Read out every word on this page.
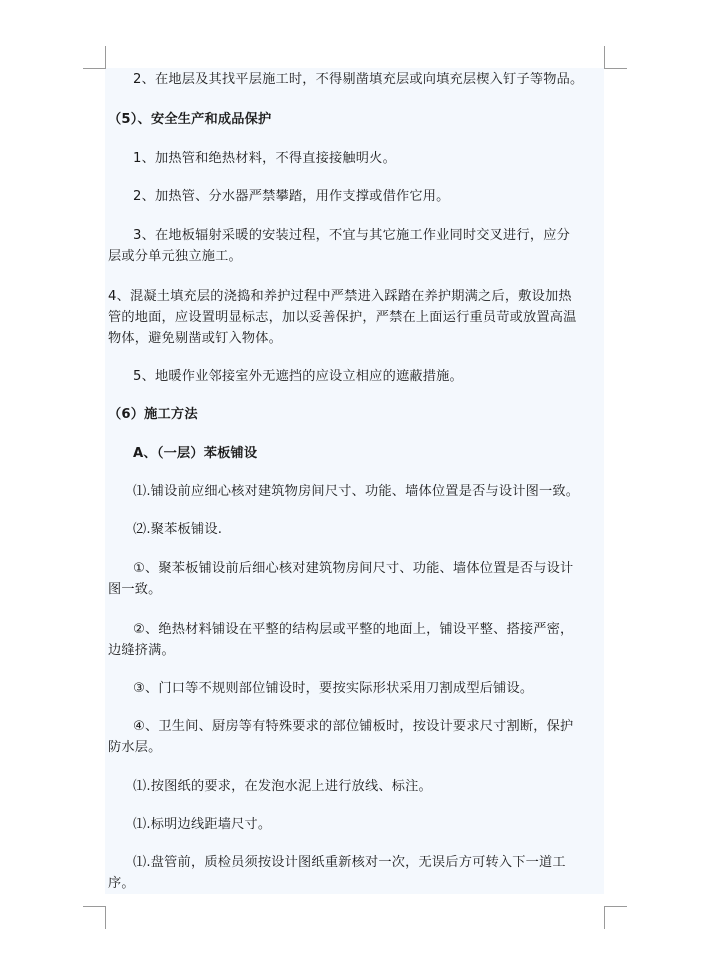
2、在地层及其找平层施工时，不得剔凿填充层或向填充层楔入钉子等物品。
（5）、安全生产和成品保护
1、加热管和绝热材料，不得直接接触明火。
2、加热管、分水器严禁攀踏，用作支撑或借作它用。
3、在地板辐射采暖的安装过程，不宜与其它施工作业同时交叉进行，应分
层或分单元独立施工。
4、混凝土填充层的浇捣和养护过程中严禁进入踩踏在养护期满之后，敷设加热
管的地面，应设置明显标志，加以妥善保护，严禁在上面运行重员苛或放置高温
物体，避免剔凿或钉入物体。
5、地暖作业邻接室外无遮挡的应设立相应的遮蔽措施。
（6）施工方法
A、（一层）苯板铺设
⑴.铺设前应细心核对建筑物房间尺寸、功能、墙体位置是否与设计图一致。
⑵.聚苯板铺设.
①、聚苯板铺设前后细心核对建筑物房间尺寸、功能、墙体位置是否与设计
图一致。
②、绝热材料铺设在平整的结构层或平整的地面上，铺设平整、搭接严密，
边缝挤满。
③、门口等不规则部位铺设时，要按实际形状采用刀割成型后铺设。
④、卫生间、厨房等有特殊要求的部位铺板时，按设计要求尺寸割断，保护
防水层。
⑴.按图纸的要求，在发泡水泥上进行放线、标注。
⑴.标明边线距墙尺寸。
⑴.盘管前，质检员须按设计图纸重新核对一次，无误后方可转入下一道工
序。
